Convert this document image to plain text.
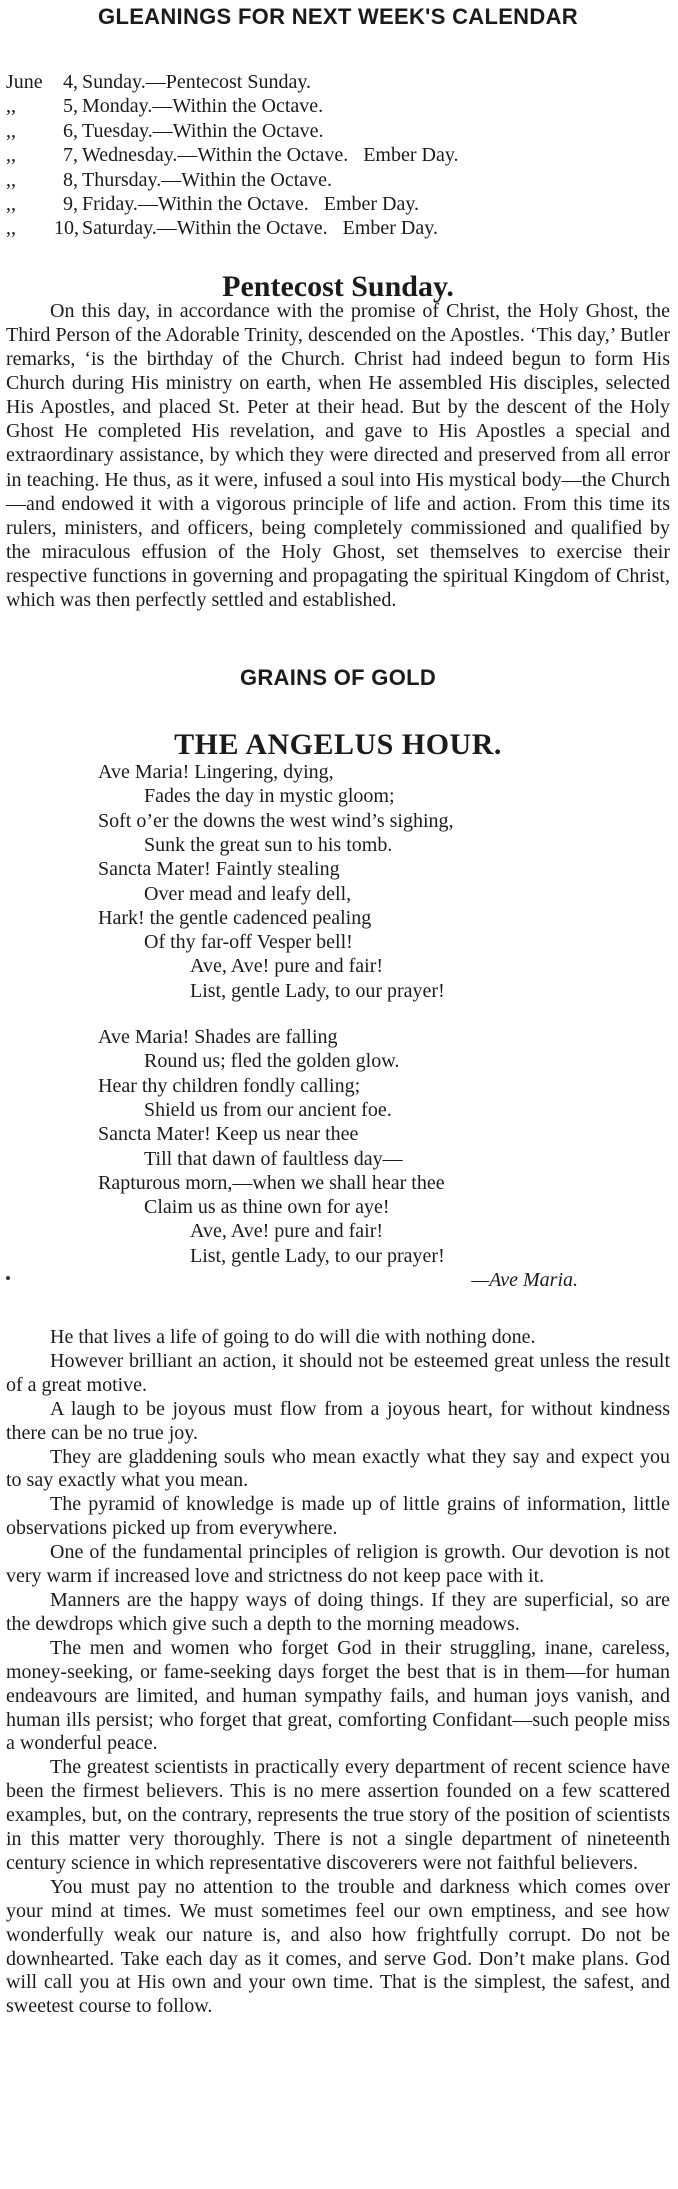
GLEANINGS FOR NEXT WEEK'S CALENDAR
June	4, Sunday.—Pentecost Sunday.
,,	5, Monday.—Within the Octave.
,,	6, Tuesday.—Within the Octave.
,,	7, Wednesday.—Within the Octave.   Ember Day.
,,	8, Thursday.—Within the Octave.
,,	9, Friday.—Within the Octave.   Ember Day.
,,	10, Saturday.—Within the Octave.   Ember Day.
Pentecost Sunday.

On this day, in accordance with the promise of Christ, the Holy Ghost, the Third Person of the Adorable Trinity, descended on the Apostles. ‘This day,’ Butler remarks, ‘is the birthday of the Church. Christ had indeed begun to form His Church during His ministry on earth, when He assembled His disciples, selected His Apostles, and placed St. Peter at their head. But by the descent of the Holy Ghost He completed His revelation, and gave to His Apostles a special and extraordinary assistance, by which they were directed and preserved from all error in teaching. He thus, as it were, infused a soul into His mystical body—the Church—and endowed it with a vigorous principle of life and action. From this time its rulers, ministers, and officers, being completely commissioned and qualified by the miraculous effusion of the Holy Ghost, set themselves to exercise their respective functions in governing and propagating the spiritual Kingdom of Christ, which was then perfectly settled and established.

GRAINS OF GOLD
THE ANGELUS HOUR.
Ave Maria! Lingering, dying,
Fades the day in mystic gloom;
Soft o’er the downs the west wind’s sighing,
Sunk the great sun to his tomb.
Sancta Mater! Faintly stealing
Over mead and leafy dell,
Hark! the gentle cadenced pealing
Of thy far-off Vesper bell!
Ave, Ave! pure and fair!
List, gentle Lady, to our prayer!
Ave Maria! Shades are falling
Round us; fled the golden glow.
Hear thy children fondly calling;
Shield us from our ancient foe.
Sancta Mater! Keep us near thee
Till that dawn of faultless day—
Rapturous morn,—when we shall hear thee
Claim us as thine own for aye!
Ave, Ave! pure and fair!
List, gentle Lady, to our prayer!
—Ave Maria.

He that lives a life of going to do will die with nothing done.

However brilliant an action, it should not be esteemed great unless the result of a great motive.

A laugh to be joyous must flow from a joyous heart, for without kindness there can be no true joy.

They are gladdening souls who mean exactly what they say and expect you to say exactly what you mean.

The pyramid of knowledge is made up of little grains of information, little observations picked up from everywhere.

One of the fundamental principles of religion is growth. Our devotion is not very warm if increased love and strictness do not keep pace with it.

Manners are the happy ways of doing things. If they are superficial, so are the dewdrops which give such a depth to the morning meadows.

The men and women who forget God in their struggling, inane, careless, money-seeking, or fame-seeking days forget the best that is in them—for human endeavours are limited, and human sympathy fails, and human joys vanish, and human ills persist; who forget that great, comforting Confidant—such people miss a wonderful peace.

The greatest scientists in practically every department of recent science have been the firmest believers. This is no mere assertion founded on a few scattered examples, but, on the contrary, represents the true story of the position of scientists in this matter very thoroughly. There is not a single department of nineteenth century science in which representative discoverers were not faithful believers.

You must pay no attention to the trouble and darkness which comes over your mind at times. We must sometimes feel our own emptiness, and see how wonderfully weak our nature is, and also how frightfully corrupt. Do not be downhearted. Take each day as it comes, and serve God. Don’t make plans. God will call you at His own and your own time. That is the simplest, the safest, and sweetest course to follow.
